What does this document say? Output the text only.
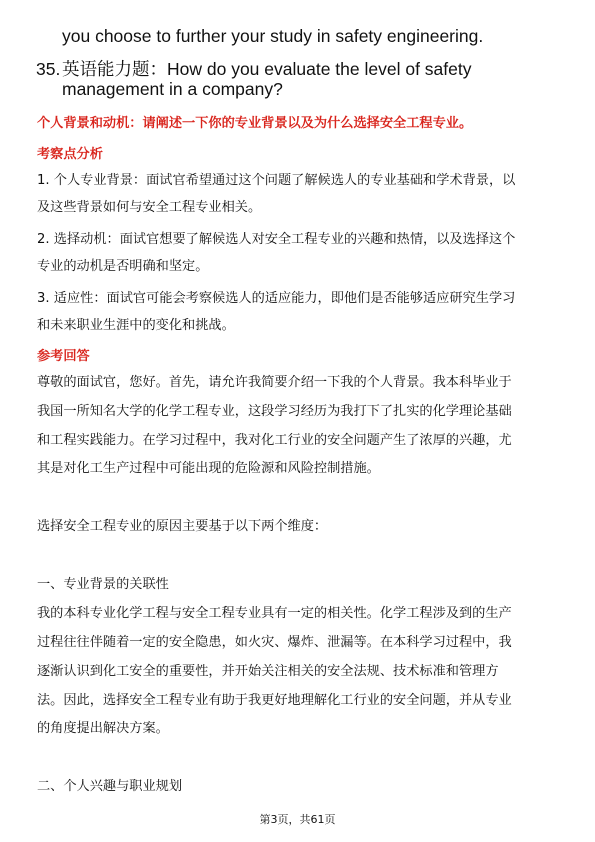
you choose to further your study in safety engineering.
35. 英语能力题：How do you evaluate the level of safety
management in a company?
个人背景和动机：请阐述一下你的专业背景以及为什么选择安全工程专业。
考察点分析
1. 个人专业背景：面试官希望通过这个问题了解候选人的专业基础和学术背景，以
及这些背景如何与安全工程专业相关。
2. 选择动机：面试官想要了解候选人对安全工程专业的兴趣和热情，以及选择这个
专业的动机是否明确和坚定。
3. 适应性：面试官可能会考察候选人的适应能力，即他们是否能够适应研究生学习
和未来职业生涯中的变化和挑战。
参考回答
尊敬的面试官，您好。首先，请允许我简要介绍一下我的个人背景。我本科毕业于
我国一所知名大学的化学工程专业，这段学习经历为我打下了扎实的化学理论基础
和工程实践能力。在学习过程中，我对化工行业的安全问题产生了浓厚的兴趣，尤
其是对化工生产过程中可能出现的危险源和风险控制措施。
选择安全工程专业的原因主要基于以下两个维度：
一、专业背景的关联性
我的本科专业化学工程与安全工程专业具有一定的相关性。化学工程涉及到的生产
过程往往伴随着一定的安全隐患，如火灾、爆炸、泄漏等。在本科学习过程中，我
逐渐认识到化工安全的重要性，并开始关注相关的安全法规、技术标准和管理方
法。因此，选择安全工程专业有助于我更好地理解化工行业的安全问题，并从专业
的角度提出解决方案。
二、个人兴趣与职业规划
第3页，共61页
